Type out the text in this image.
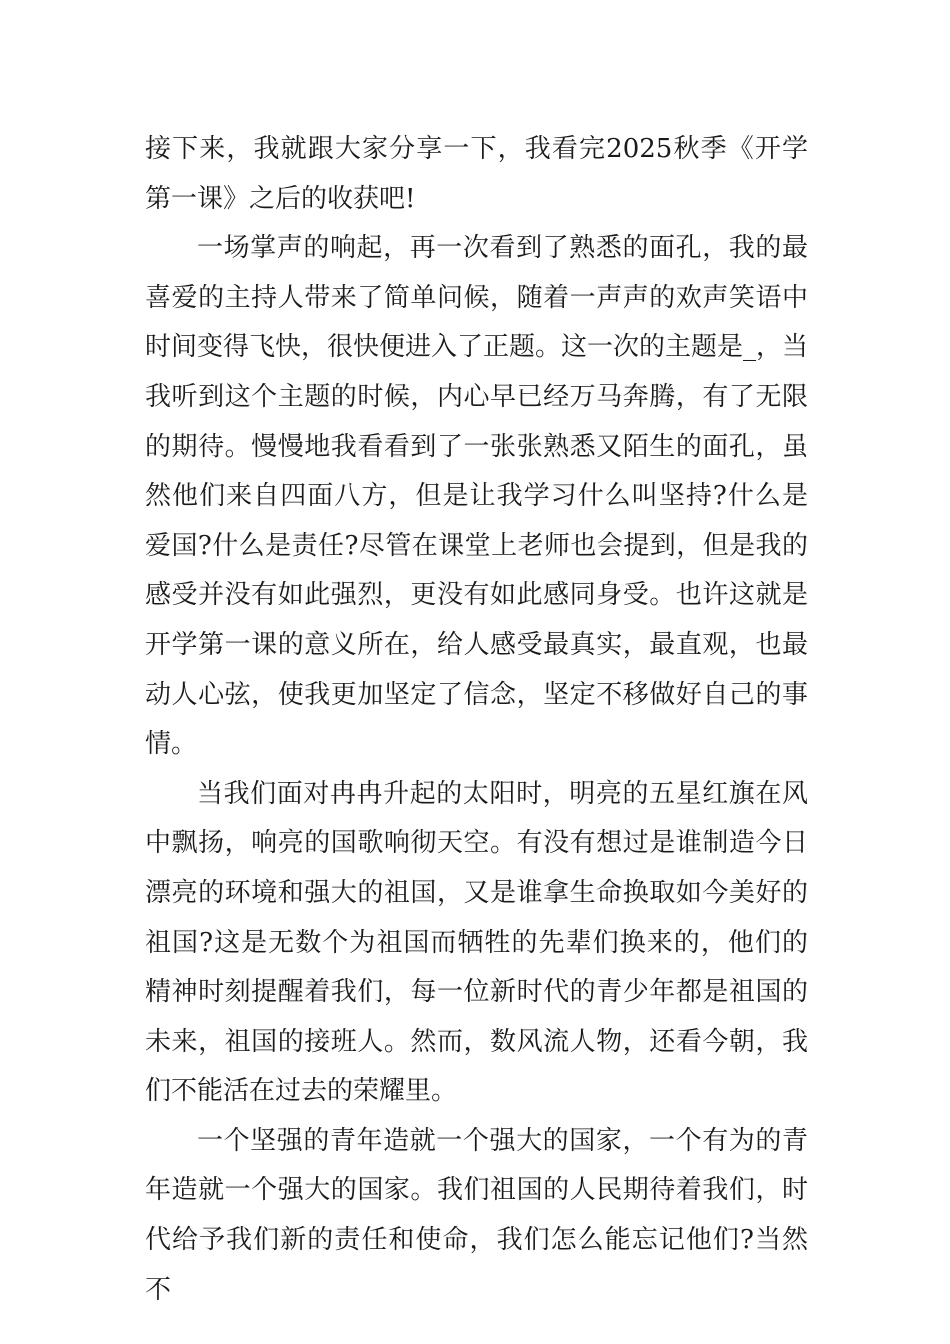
接下来，我就跟大家分享一下，我看完2025秋季《开学第一课》之后的收获吧!

一场掌声的响起，再一次看到了熟悉的面孔，我的最喜爱的主持人带来了简单问候，随着一声声的欢声笑语中时间变得飞快，很快便进入了正题。这一次的主题是_，当我听到这个主题的时候，内心早已经万马奔腾，有了无限的期待。慢慢地我看看到了一张张熟悉又陌生的面孔，虽然他们来自四面八方，但是让我学习什么叫坚持?什么是爱国?什么是责任?尽管在课堂上老师也会提到，但是我的感受并没有如此强烈，更没有如此感同身受。也许这就是开学第一课的意义所在，给人感受最真实，最直观，也最动人心弦，使我更加坚定了信念，坚定不移做好自己的事情。

当我们面对冉冉升起的太阳时，明亮的五星红旗在风中飘扬，响亮的国歌响彻天空。有没有想过是谁制造今日漂亮的环境和强大的祖国，又是谁拿生命换取如今美好的祖国?这是无数个为祖国而牺牲的先辈们换来的，他们的精神时刻提醒着我们，每一位新时代的青少年都是祖国的未来，祖国的接班人。然而，数风流人物，还看今朝，我们不能活在过去的荣耀里。

一个坚强的青年造就一个强大的国家，一个有为的青年造就一个强大的国家。我们祖国的人民期待着我们，时代给予我们新的责任和使命，我们怎么能忘记他们?当然不
